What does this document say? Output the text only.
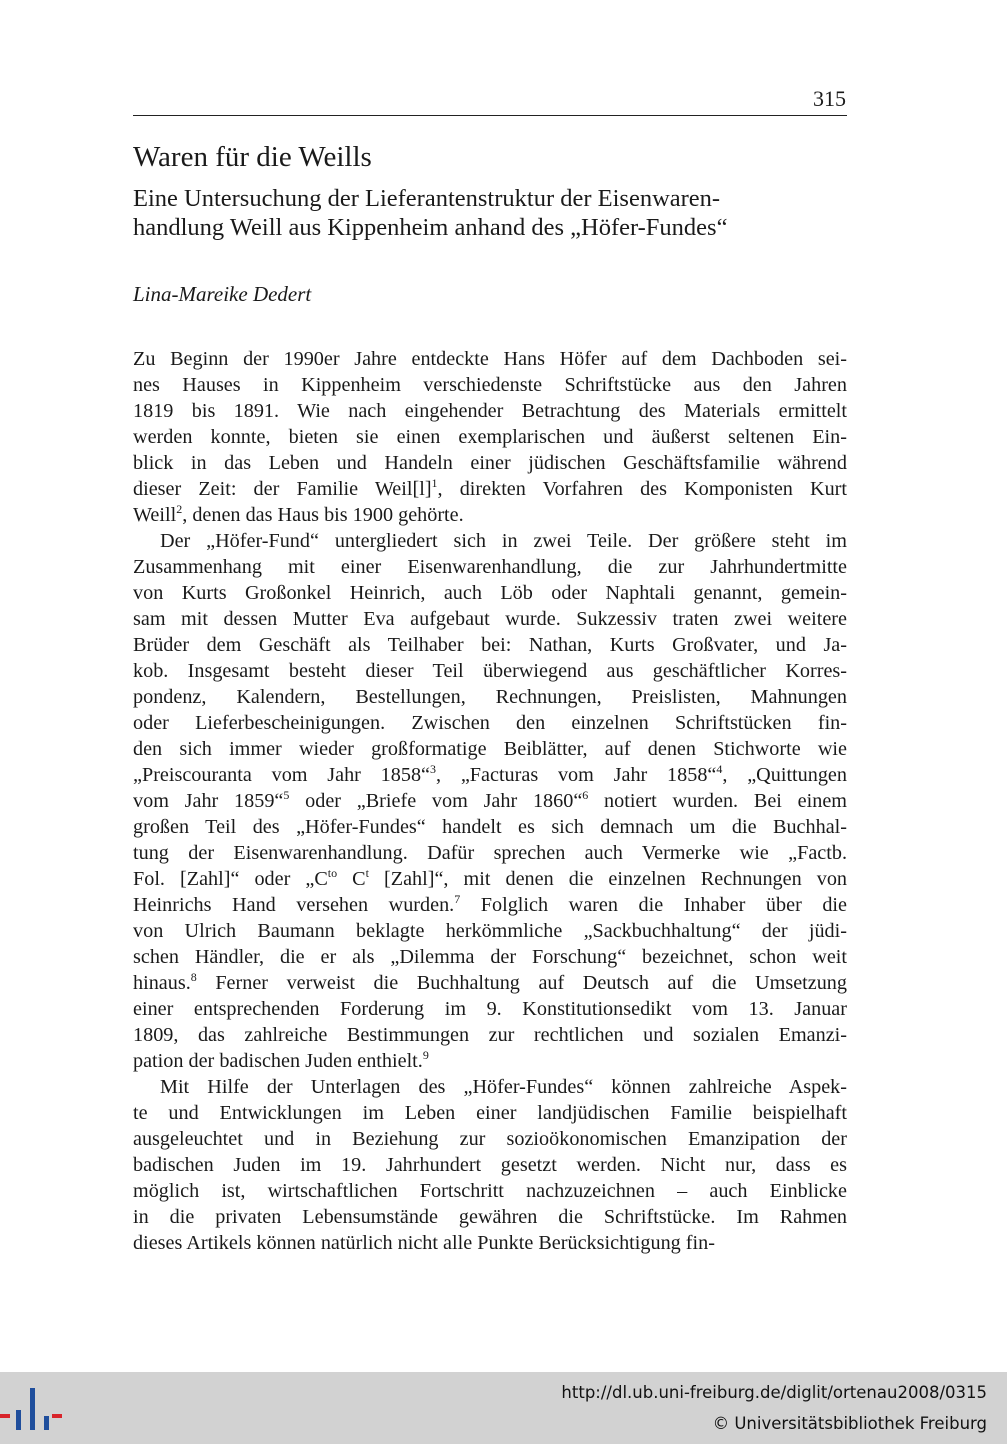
315
Waren für die Weills
Eine Untersuchung der Lieferantenstruktur der Eisenwaren-
handlung Weill aus Kippenheim anhand des „Höfer-Fundes“
Lina-Mareike Dedert
Zu Beginn der 1990er Jahre entdeckte Hans Höfer auf dem Dachboden sei-
nes Hauses in Kippenheim verschiedenste Schriftstücke aus den Jahren
1819 bis 1891. Wie nach eingehender Betrachtung des Materials ermittelt
werden konnte, bieten sie einen exemplarischen und äußerst seltenen Ein-
blick in das Leben und Handeln einer jüdischen Geschäftsfamilie während
dieser Zeit: der Familie $Weil[l]^1$, direkten Vorfahren des Komponisten Kurt
Weill$^2$, denen das Haus bis 1900 gehörte.
Der „Höfer-Fund“ untergliedert sich in zwei Teile. Der größere steht im
Zusammenhang mit einer Eisenwarenhandlung, die zur Jahrhundertmitte
von Kurts Großonkel Heinrich, auch Löb oder Naphtali genannt, gemein-
sam mit dessen Mutter Eva aufgebaut wurde. Sukzessiv traten zwei weitere
Brüder dem Geschäft als Teilhaber bei: Nathan, Kurts Großvater, und Ja-
kob. Insgesamt besteht dieser Teil überwiegend aus geschäftlicher Korres-
pondenz, Kalendern, Bestellungen, Rechnungen, Preislisten, Mahnungen
oder Lieferbescheinigungen. Zwischen den einzelnen Schriftstücken fin-
den sich immer wieder großformatige Beiblätter, auf denen Stichworte wie
„Preiscouranta vom Jahr 1858“$^3$, „Facturas vom Jahr 1858“$^4$, „Quittungen
vom Jahr 1859“$^5$ oder „Briefe vom Jahr 1860“$^6$ notiert wurden. Bei einem
großen Teil des „Höfer-Fundes“ handelt es sich demnach um die Buchhal-
tung der Eisenwarenhandlung. Dafür sprechen auch Vermerke wie „Factb.
Fol. [Zahl]“ oder $„C^{to}$ $C^t$ [Zahl]“, mit denen die einzelnen Rechnungen von
Heinrichs Hand versehen wurden.$^7$ Folglich waren die Inhaber über die
von Ulrich Baumann beklagte herkömmliche „Sackbuchhaltung“ der jüdi-
schen Händler, die er als „Dilemma der Forschung“ bezeichnet, schon weit
hinaus.$^8$ Ferner verweist die Buchhaltung auf Deutsch auf die Umsetzung
einer entsprechenden Forderung im 9. Konstitutionsedikt vom 13. Januar
1809, das zahlreiche Bestimmungen zur rechtlichen und sozialen Emanzi-
pation der badischen Juden enthielt.$^9$
Mit Hilfe der Unterlagen des „Höfer-Fundes“ können zahlreiche Aspek-
te und Entwicklungen im Leben einer landjüdischen Familie beispielhaft
ausgeleuchtet und in Beziehung zur sozioökonomischen Emanzipation der
badischen Juden im 19. Jahrhundert gesetzt werden. Nicht nur, dass es
möglich ist, wirtschaftlichen Fortschritt nachzuzeichnen – auch Einblicke
in die privaten Lebensumstände gewähren die Schriftstücke. Im Rahmen
dieses Artikels können natürlich nicht alle Punkte Berücksichtigung fin-
http://dl.ub.uni-freiburg.de/diglit/ortenau2008/0315
© Universitätsbibliothek Freiburg
